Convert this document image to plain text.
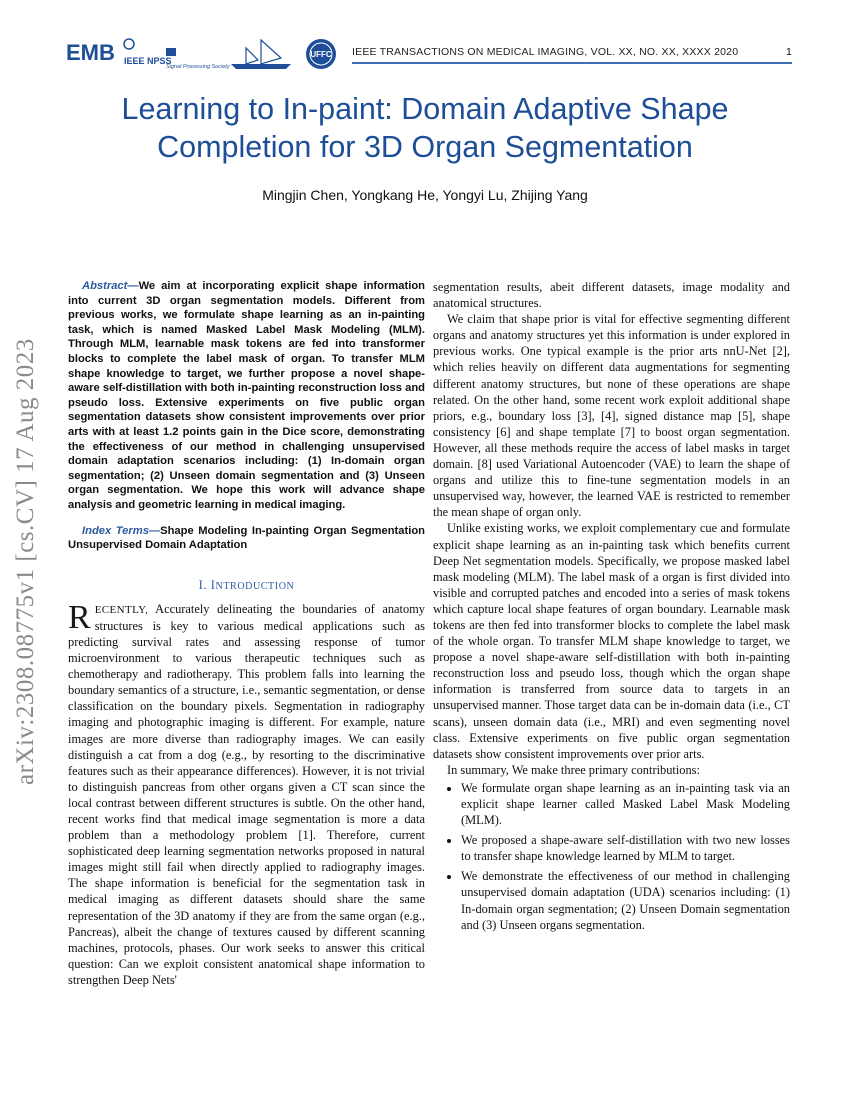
EMB IEEE NPSS
Signal Processing Society
UFFC IEEE TRANSACTIONS ON MEDICAL IMAGING, VOL. XX, NO. XX, XXXX 2020	1
arXiv:2308.08775v1 [cs.CV] 17 Aug 2023
Learning to In-paint: Domain Adaptive Shape Completion for 3D Organ Segmentation
Mingjin Chen, Yongkang He, Yongyi Lu, Zhijing Yang

Abstract—We aim at incorporating explicit shape information into current 3D organ segmentation models. Different from previous works, we formulate shape learning as an in-painting task, which is named Masked Label Mask Modeling (MLM). Through MLM, learnable mask tokens are fed into transformer blocks to complete the label mask of organ. To transfer MLM shape knowledge to target, we further propose a novel shape-aware self-distillation with both in-painting reconstruction loss and pseudo loss. Extensive experiments on five public organ segmentation datasets show consistent improvements over prior arts with at least 1.2 points gain in the Dice score, demonstrating the effectiveness of our method in challenging unsupervised domain adaptation scenarios including: (1) In-domain organ segmentation; (2) Unseen domain segmentation and (3) Unseen organ segmentation. We hope this work will advance shape analysis and geometric learning in medical imaging.

Index Terms—Shape Modeling In-painting Organ Segmentation Unsupervised Domain Adaptation

I. INTRODUCTION

RECENTLY, Accurately delineating the boundaries of anatomy structures is key to various medical applications such as predicting survival rates and assessing response of tumor microenvironment to various therapeutic techniques such as chemotherapy and radiotherapy. This problem falls into learning the boundary semantics of a structure, i.e., semantic segmentation, or dense classification on the boundary pixels. Segmentation in radiography imaging and photographic imaging is different. For example, nature images are more diverse than radiography images. We can easily distinguish a cat from a dog (e.g., by resorting to the discriminative features such as their appearance differences). However, it is not trivial to distinguish pancreas from other organs given a CT scan since the local contrast between different structures is subtle. On the other hand, recent works find that medical image segmentation is more a data problem than a methodology problem [1]. Therefore, current sophisticated deep learning segmentation networks proposed in natural images might still fail when directly applied to radiography images. The shape information is beneficial for the segmentation task in medical imaging as different datasets should share the same representation of the 3D anatomy if they are from the same organ (e.g., Pancreas), albeit the change of textures caused by different scanning machines, protocols, phases. Our work seeks to answer this critical question: Can we exploit consistent anatomical shape information to strengthen Deep Nets'

segmentation results, abeit different datasets, image modality and anatomical structures.

We claim that shape prior is vital for effective segmenting different organs and anatomy structures yet this information is under explored in previous works. One typical example is the prior arts nnU-Net [2], which relies heavily on different data augmentations for segmenting different anatomy structures, but none of these operations are shape related. On the other hand, some recent work exploit additional shape priors, e.g., boundary loss [3], [4], signed distance map [5], shape consistency [6] and shape template [7] to boost organ segmentation. However, all these methods require the access of label masks in target domain. [8] used Variational Autoencoder (VAE) to learn the shape of organs and utilize this to fine-tune segmentation models in an unsupervised way, however, the learned VAE is restricted to remember the mean shape of organ only.

Unlike existing works, we exploit complementary cue and formulate explicit shape learning as an in-painting task which benefits current Deep Net segmentation models. Specifically, we propose masked label mask modeling (MLM). The label mask of a organ is first divided into visible and corrupted patches and encoded into a series of mask tokens which capture local shape features of organ boundary. Learnable mask tokens are then fed into transformer blocks to complete the label mask of the whole organ. To transfer MLM shape knowledge to target, we propose a novel shape-aware self-distillation with both in-painting reconstruction loss and pseudo loss, though which the organ shape information is transferred from source data to targets in an unsupervised manner. Those target data can be in-domain data (i.e., CT scans), unseen domain data (i.e., MRI) and even segmenting novel class. Extensive experiments on five public organ segmentation datasets show consistent improvements over prior arts.

In summary, We make three primary contributions:

• We formulate organ shape learning as an in-painting task via an explicit shape learner called Masked Label Mask Modeling (MLM).
• We proposed a shape-aware self-distillation with two new losses to transfer shape knowledge learned by MLM to target.
• We demonstrate the effectiveness of our method in challenging unsupervised domain adaptation (UDA) scenarios including: (1) In-domain organ segmentation; (2) Unseen Domain segmentation and (3) Unseen organs segmentation.
